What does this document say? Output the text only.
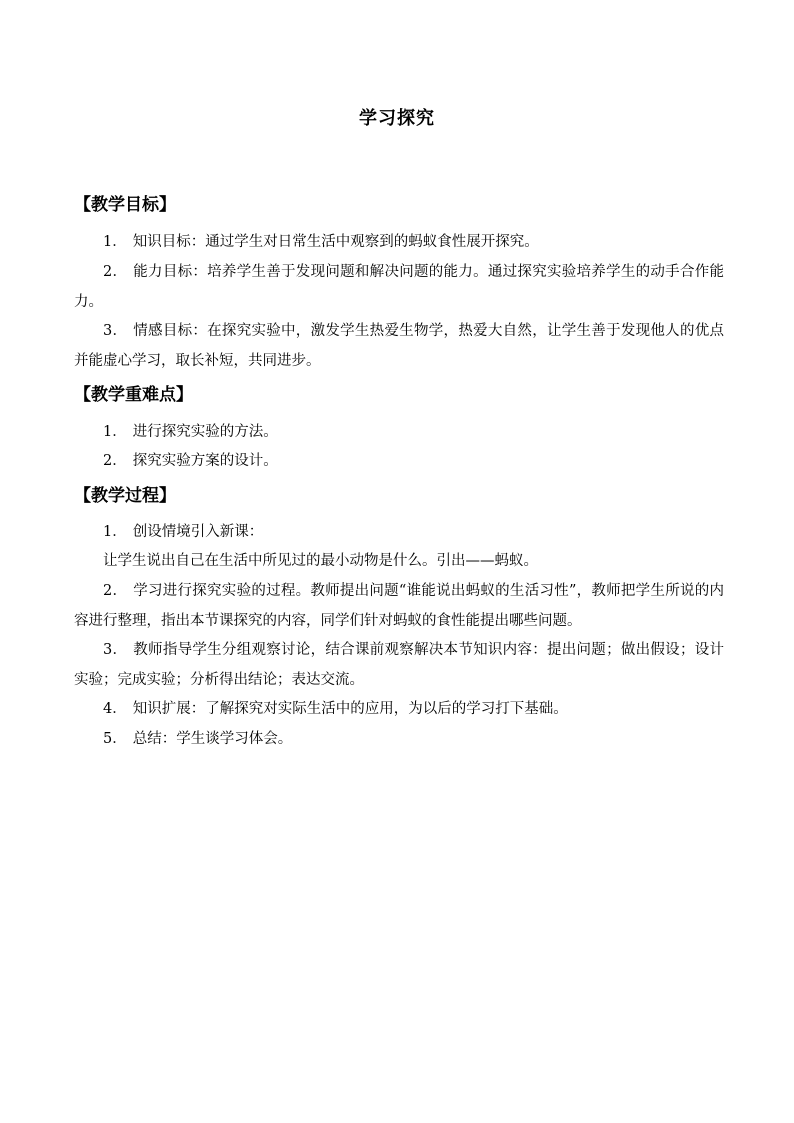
学习探究
【教学目标】
1． 知识目标：通过学生对日常生活中观察到的蚂蚁食性展开探究。
2． 能力目标：培养学生善于发现问题和解决问题的能力。通过探究实验培养学生的动手合作能力。
3． 情感目标：在探究实验中，激发学生热爱生物学，热爱大自然，让学生善于发现他人的优点并能虚心学习，取长补短，共同进步。
【教学重难点】
1． 进行探究实验的方法。
2． 探究实验方案的设计。
【教学过程】
1． 创设情境引入新课：
让学生说出自己在生活中所见过的最小动物是什么。引出——蚂蚁。
2． 学习进行探究实验的过程。教师提出问题“谁能说出蚂蚁的生活习性”，教师把学生所说的内容进行整理，指出本节课探究的内容，同学们针对蚂蚁的食性能提出哪些问题。
3． 教师指导学生分组观察讨论，结合课前观察解决本节知识内容：提出问题；做出假设；设计实验；完成实验；分析得出结论；表达交流。
4． 知识扩展：了解探究对实际生活中的应用，为以后的学习打下基础。
5． 总结：学生谈学习体会。
